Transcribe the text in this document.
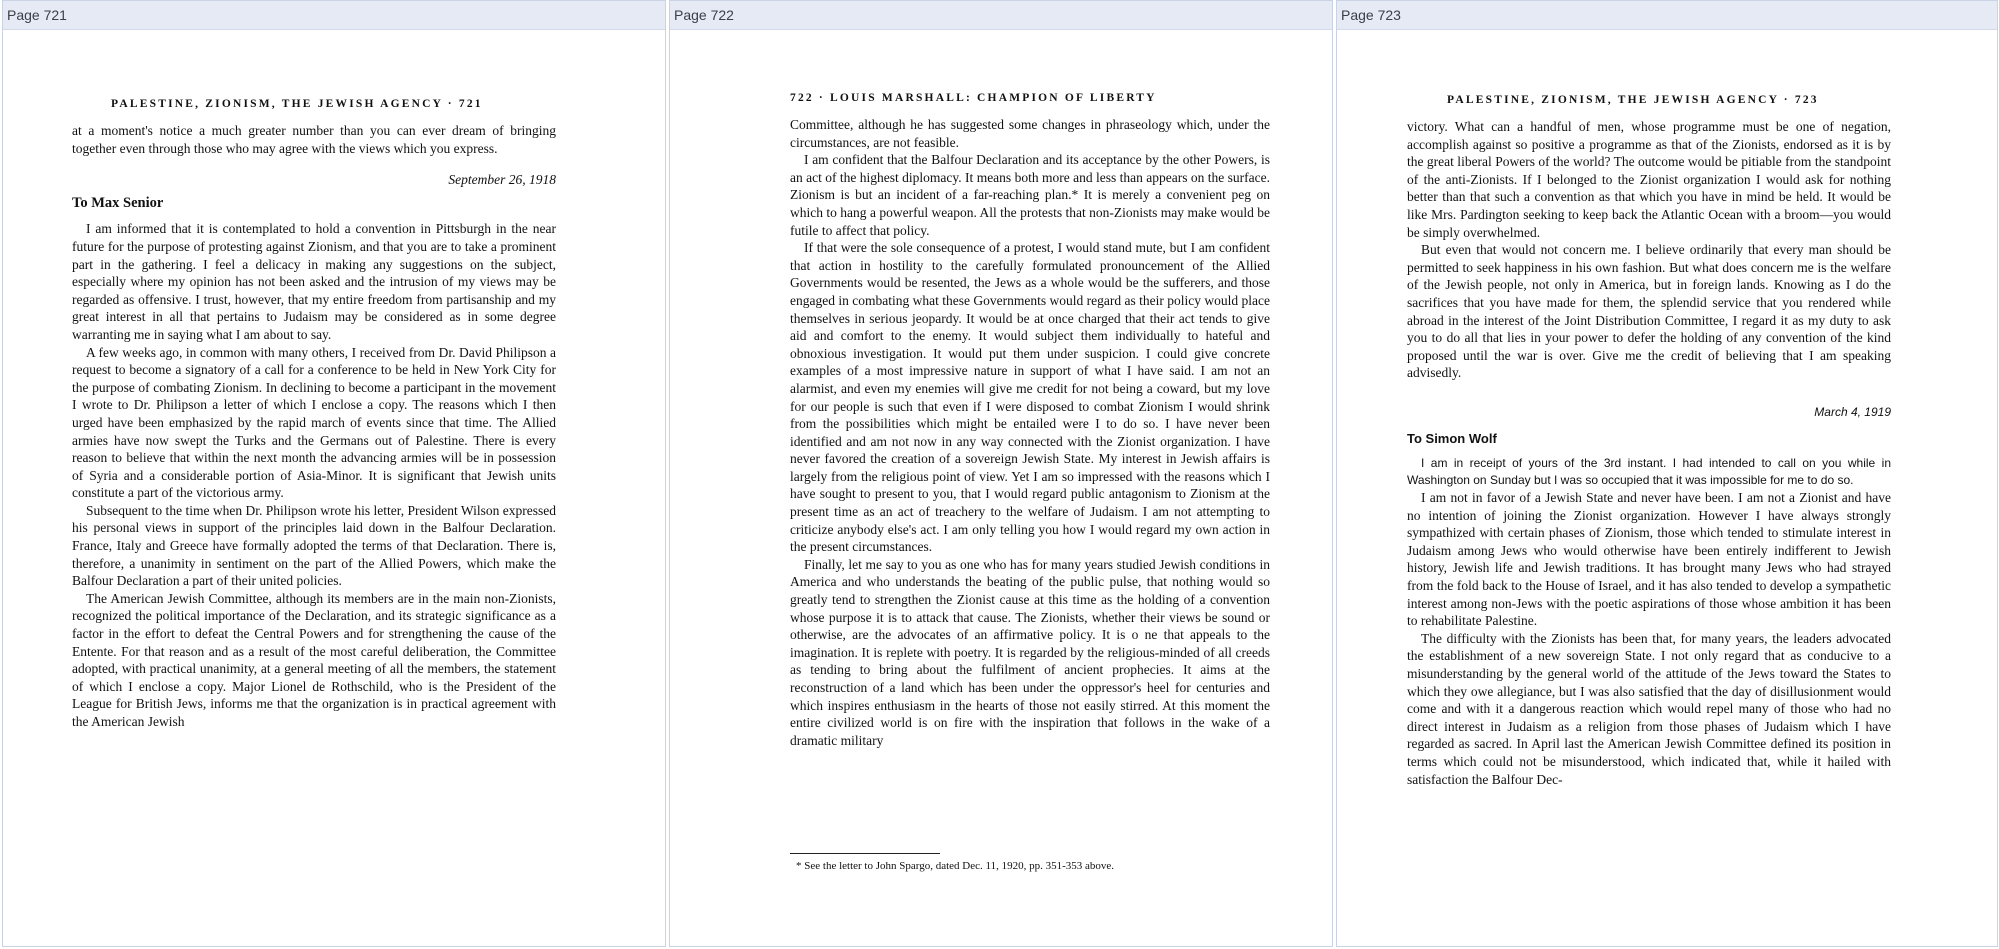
Page 721
PALESTINE, ZIONISM, THE JEWISH AGENCY · 721

at a moment's notice a much greater number than you can ever dream of bringing together even through those who may agree with the views which you express.

September 26, 1918

To Max Senior

I am informed that it is contemplated to hold a convention in Pittsburgh in the near future for the purpose of protesting against Zionism, and that you are to take a prominent part in the gathering. I feel a delicacy in making any suggestions on the subject, especially where my opinion has not been asked and the intrusion of my views may be regarded as offensive. I trust, however, that my entire freedom from partisanship and my great interest in all that pertains to Judaism may be considered as in some degree warranting me in saying what I am about to say.

A few weeks ago, in common with many others, I received from Dr. David Philipson a request to become a signatory of a call for a conference to be held in New York City for the purpose of combating Zionism. In declining to become a participant in the movement I wrote to Dr. Philipson a letter of which I enclose a copy. The reasons which I then urged have been emphasized by the rapid march of events since that time. The Allied armies have now swept the Turks and the Germans out of Palestine. There is every reason to believe that within the next month the advancing armies will be in possession of Syria and a considerable portion of Asia-Minor. It is significant that Jewish units constitute a part of the victorious army.

Subsequent to the time when Dr. Philipson wrote his letter, President Wilson expressed his personal views in support of the principles laid down in the Balfour Declaration. France, Italy and Greece have formally adopted the terms of that Declaration. There is, therefore, a unanimity in sentiment on the part of the Allied Powers, which make the Balfour Declaration a part of their united policies.

The American Jewish Committee, although its members are in the main non-Zionists, recognized the political importance of the Declaration, and its strategic significance as a factor in the effort to defeat the Central Powers and for strengthening the cause of the Entente. For that reason and as a result of the most careful deliberation, the Committee adopted, with practical unanimity, at a general meeting of all the members, the statement of which I enclose a copy. Major Lionel de Rothschild, who is the President of the League for British Jews, informs me that the organization is in practical agreement with the American Jewish

Page 722
722 · LOUIS MARSHALL: CHAMPION OF LIBERTY

Committee, although he has suggested some changes in phraseology which, under the circumstances, are not feasible.

I am confident that the Balfour Declaration and its acceptance by the other Powers, is an act of the highest diplomacy. It means both more and less than appears on the surface. Zionism is but an incident of a far-reaching plan.* It is merely a convenient peg on which to hang a powerful weapon. All the protests that non-Zionists may make would be futile to affect that policy.

If that were the sole consequence of a protest, I would stand mute, but I am confident that action in hostility to the carefully formulated pronouncement of the Allied Governments would be resented, the Jews as a whole would be the sufferers, and those engaged in combating what these Governments would regard as their policy would place themselves in serious jeopardy. It would be at once charged that their act tends to give aid and comfort to the enemy. It would subject them individually to hateful and obnoxious investigation. It would put them under suspicion. I could give concrete examples of a most impressive nature in support of what I have said. I am not an alarmist, and even my enemies will give me credit for not being a coward, but my love for our people is such that even if I were disposed to combat Zionism I would shrink from the possibilities which might be entailed were I to do so. I have never been identified and am not now in any way connected with the Zionist organization. I have never favored the creation of a sovereign Jewish State. My interest in Jewish affairs is largely from the religious point of view. Yet I am so impressed with the reasons which I have sought to present to you, that I would regard public antagonism to Zionism at the present time as an act of treachery to the welfare of Judaism. I am not attempting to criticize anybody else's act. I am only telling you how I would regard my own action in the present circumstances.

Finally, let me say to you as one who has for many years studied Jewish conditions in America and who understands the beating of the public pulse, that nothing would so greatly tend to strengthen the Zionist cause at this time as the holding of a convention whose purpose it is to attack that cause. The Zionists, whether their views be sound or otherwise, are the advocates of an affirmative policy. It is o ne that appeals to the imagination. It is replete with poetry. It is regarded by the religious-minded of all creeds as tending to bring about the fulfilment of ancient prophecies. It aims at the reconstruction of a land which has been under the oppressor's heel for centuries and which inspires enthusiasm in the hearts of those not easily stirred. At this moment the entire civilized world is on fire with the inspiration that follows in the wake of a dramatic military

* See the letter to John Spargo, dated Dec. 11, 1920, pp. 351-353 above.
Page 723
PALESTINE, ZIONISM, THE JEWISH AGENCY · 723

victory. What can a handful of men, whose programme must be one of negation, accomplish against so positive a programme as that of the Zionists, endorsed as it is by the great liberal Powers of the world? The outcome would be pitiable from the standpoint of the anti-Zionists. If I belonged to the Zionist organization I would ask for nothing better than that such a convention as that which you have in mind be held. It would be like Mrs. Pardington seeking to keep back the Atlantic Ocean with a broom—you would be simply overwhelmed.

But even that would not concern me. I believe ordinarily that every man should be permitted to seek happiness in his own fashion. But what does concern me is the welfare of the Jewish people, not only in America, but in foreign lands. Knowing as I do the sacrifices that you have made for them, the splendid service that you rendered while abroad in the interest of the Joint Distribution Committee, I regard it as my duty to ask you to do all that lies in your power to defer the holding of any convention of the kind proposed until the war is over. Give me the credit of believing that I am speaking advisedly.

March 4, 1919

To Simon Wolf

I am in receipt of yours of the 3rd instant. I had intended to call on you while in Washington on Sunday but I was so occupied that it was impossible for me to do so.

I am not in favor of a Jewish State and never have been. I am not a Zionist and have no intention of joining the Zionist organization. However I have always strongly sympathized with certain phases of Zionism, those which tended to stimulate interest in Judaism among Jews who would otherwise have been entirely indifferent to Jewish history, Jewish life and Jewish traditions. It has brought many Jews who had strayed from the fold back to the House of Israel, and it has also tended to develop a sympathetic interest among non-Jews with the poetic aspirations of those whose ambition it has been to rehabilitate Palestine.

The difficulty with the Zionists has been that, for many years, the leaders advocated the establishment of a new sovereign State. I not only regard that as conducive to a misunderstanding by the general world of the attitude of the Jews toward the States to which they owe allegiance, but I was also satisfied that the day of disillusionment would come and with it a dangerous reaction which would repel many of those who had no direct interest in Judaism as a religion from those phases of Judaism which I have regarded as sacred. In April last the American Jewish Committee defined its position in terms which could not be misunderstood, which indicated that, while it hailed with satisfaction the Balfour Dec-
